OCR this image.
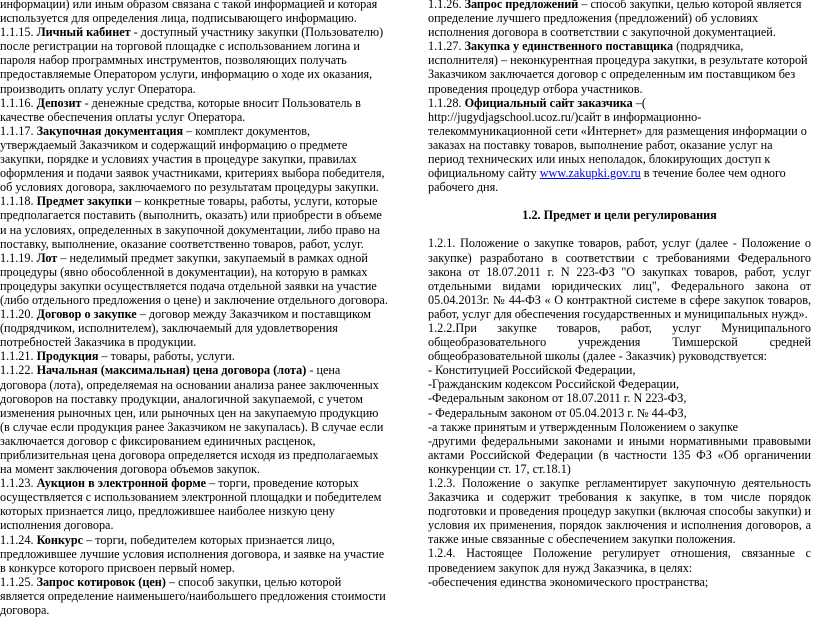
информации) или иным образом связана с такой информацией и которая используется для определения лица, подписывающего информацию.

1.1.15. Личный кабинет - доступный участнику закупки (Пользователю) после регистрации на торговой площадке с использованием логина и пароля набор программных инструментов, позволяющих получать предоставляемые Оператором услуги, информацию о ходе их оказания, производить оплату услуг Оператора.

1.1.16. Депозит - денежные средства, которые вносит Пользователь в качестве обеспечения оплаты услуг Оператора.

1.1.17. Закупочная документация – комплект документов, утверждаемый Заказчиком и содержащий информацию о предмете закупки, порядке и условиях участия в процедуре закупки, правилах оформления и подачи заявок участниками, критериях выбора победителя, об условиях договора, заключаемого по результатам процедуры закупки.

1.1.18. Предмет закупки – конкретные товары, работы, услуги, которые предполагается поставить (выполнить, оказать) или приобрести в объеме и на условиях, определенных в закупочной документации, либо право на поставку, выполнение, оказание соответственно товаров, работ, услуг.

1.1.19. Лот – неделимый предмет закупки, закупаемый в рамках одной процедуры (явно обособленной в документации), на которую в рамках процедуры закупки осуществляется подача отдельной заявки на участие (либо отдельного предложения о цене) и заключение отдельного договора.

1.1.20. Договор о закупке – договор между Заказчиком и поставщиком (подрядчиком, исполнителем), заключаемый для удовлетворения потребностей Заказчика в продукции.

1.1.21. Продукция – товары, работы, услуги.

1.1.22. Начальная (максимальная) цена договора (лота) - цена договора (лота), определяемая на основании анализа ранее заключенных договоров на поставку продукции, аналогичной закупаемой, с учетом изменения рыночных цен, или рыночных цен на закупаемую продукцию (в случае если продукция ранее Заказчиком не закупалась). В случае если заключается договор с фиксированием единичных расценок, приблизительная цена договора определяется исходя из предполагаемых на момент заключения договора объемов закупок.

1.1.23. Аукцион в электронной форме – торги, проведение которых осуществляется с использованием электронной площадки и победителем которых признается лицо, предложившее наиболее низкую цену исполнения договора.

1.1.24. Конкурс – торги, победителем которых признается лицо, предложившее лучшие условия исполнения договора, и заявке на участие в конкурсе которого присвоен первый номер.

1.1.25. Запрос котировок (цен) – способ закупки, целью которой является определение наименьшего/наибольшего предложения стоимости договора.

1.1.26. Запрос предложений – способ закупки, целью которой является определение лучшего предложения (предложений) об условиях исполнения договора в соответствии с закупочной документацией.

1.1.27. Закупка у единственного поставщика (подрядчика, исполнителя) – неконкурентная процедура закупки, в результате которой Заказчиком заключается договор с определенным им поставщиком без проведения процедур отбора участников.

1.1.28. Официальный сайт заказчика –( http://jugydjagschool.ucoz.ru/)сайт в информационно-телекоммуникационной сети «Интернет» для размещения информации о заказах на поставку товаров, выполнение работ, оказание услуг на период технических или иных неполадок, блокирующих доступ к официальному сайту www.zakupki.gov.ru в течение более чем одного рабочего дня.

1.2. Предмет и цели регулирования

1.2.1. Положение о закупке товаров, работ, услуг (далее - Положение о закупке) разработано в соответствии с требованиями Федерального закона от 18.07.2011 г. N 223-ФЗ "О закупках товаров, работ, услуг отдельными видами юридических лиц", Федерального закона от 05.04.2013г. № 44-ФЗ « О контрактной системе в сфере закупок товаров, работ, услуг для обеспечения государственных и муниципальных нужд».

1.2.2.При закупке товаров, работ, услуг Муниципального общеобразовательного учреждения Тимшерской средней общеобразовательной школы (далее - Заказчик) руководствуется:

- Конституцией Российской Федерации,

-Гражданским кодексом Российской Федерации,

-Федеральным законом от 18.07.2011 г. N 223-ФЗ,

- Федеральным законом от 05.04.2013 г. № 44-ФЗ,

-а также принятым и утвержденным Положением о закупке

-другими федеральными законами и иными нормативными правовыми актами Российской Федерации (в частности 135 ФЗ «Об органичении конкуренции ст. 17, ст.18.1)

1.2.3. Положение о закупке регламентирует закупочную деятельность Заказчика и содержит требования к закупке, в том числе порядок подготовки и проведения процедур закупки (включая способы закупки) и условия их применения, порядок заключения и исполнения договоров, а также иные связанные с обеспечением закупки положения.

1.2.4. Настоящее Положение регулирует отношения, связанные с проведением закупок для нужд Заказчика, в целях:

-обеспечения единства экономического пространства;
